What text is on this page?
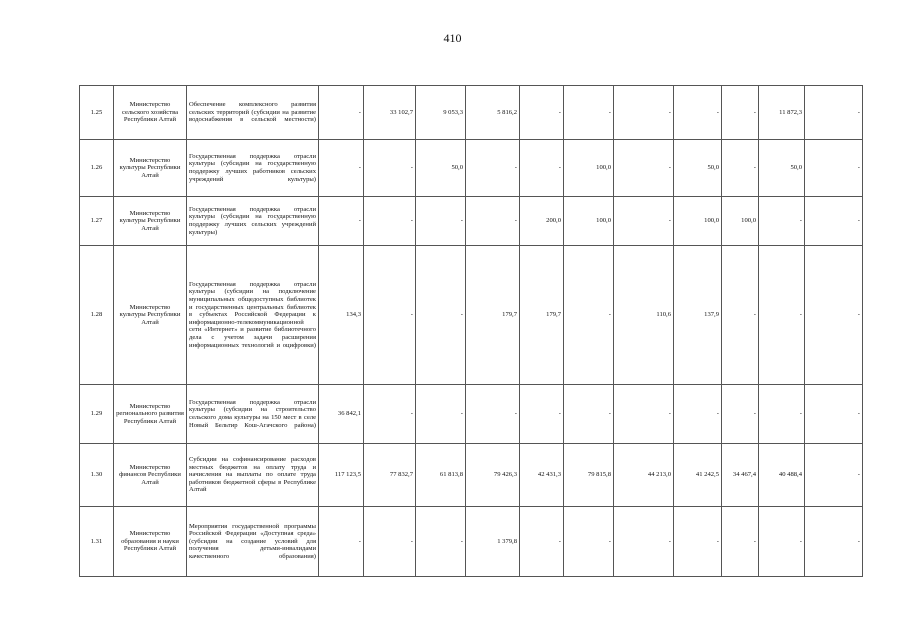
410
1.25	Министерство сельского хозяйства Республики Алтай	Обеспечение комплексного развития сельских территорий (субсидии на развитие водоснабжения в сельской местности)	-	33 102,7	9 053,3	5 816,2	-	-	-	-	-	11 872,3	-
1.26	Министерство культуры Республики Алтай	Государственная поддержка отрасли культуры (субсидии на государственную поддержку лучших работников сельских учреждений культуры)	-	-	50,0	-	-	100,0	-	50,0	-	50,0	-
1.27	Министерство культуры Республики Алтай	Государственная поддержка отрасли культуры (субсидии на государственную поддержку лучших сельских учреждений культуры)	-	-	-	-	200,0	100,0	-	100,0	100,0	-	-
1.28	Министерство культуры Республики Алтай	Государственная поддержка отрасли культуры (субсидии на подключение муниципальных общедоступных библиотек и государственных центральных библиотек в субъектах Российской Федерации к информационно-телекоммуникационной сети «Интернет» и развитие библиотечного дела с учетом задачи расширения информационных технологий и оцифровки)	134,3	-	-	179,7	179,7	-	110,6	137,9	-	-	-
1.29	Министерство регионального развития Республики Алтай	Государственная поддержка отрасли культуры (субсидии на строительство сельского дома культуры на 150 мест в селе Новый Бельтир Кош-Агачского района)	36 842,1	-	-	-	-	-	-	-	-	-	-
1.30	Министерство финансов Республики Алтай	Субсидии на софинансирование расходов местных бюджетов на оплату труда и начисления на выплаты по оплате труда работников бюджетной сферы в Республике Алтай	117 123,5	77 832,7	61 813,8	79 426,3	42 431,3	79 815,8	44 213,0	41 242,5	34 467,4	40 488,4	-
1.31	Министерство образования и науки Республики Алтай	Мероприятия государственной программы Российской Федерации «Доступная среда» (субсидии на создание условий для получения детьми-инвалидами качественного образования)	-	-	-	1 379,8	-	-	-	-	-	-	-
